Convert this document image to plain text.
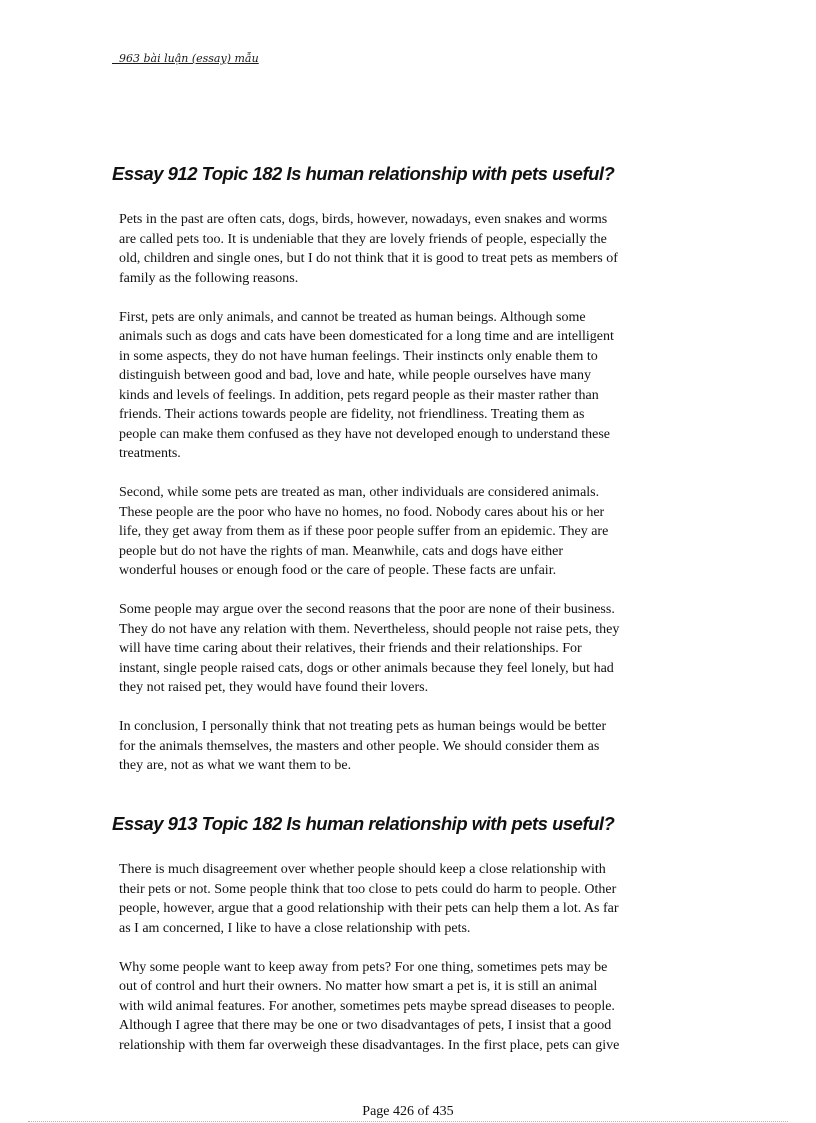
963 bài luận (essay) mẫu
Essay 912 Topic 182 Is human relationship with pets useful?

Pets in the past are often cats, dogs, birds, however, nowadays, even snakes and worms
are called pets too. It is undeniable that they are lovely friends of people, especially the
old, children and single ones, but I do not think that it is good to treat pets as members of
family as the following reasons.

First, pets are only animals, and cannot be treated as human beings. Although some
animals such as dogs and cats have been domesticated for a long time and are intelligent
in some aspects, they do not have human feelings. Their instincts only enable them to
distinguish between good and bad, love and hate, while people ourselves have many
kinds and levels of feelings. In addition, pets regard people as their master rather than
friends. Their actions towards people are fidelity, not friendliness. Treating them as
people can make them confused as they have not developed enough to understand these
treatments.

Second, while some pets are treated as man, other individuals are considered animals.
These people are the poor who have no homes, no food. Nobody cares about his or her
life, they get away from them as if these poor people suffer from an epidemic. They are
people but do not have the rights of man. Meanwhile, cats and dogs have either
wonderful houses or enough food or the care of people. These facts are unfair.

Some people may argue over the second reasons that the poor are none of their business.
They do not have any relation with them. Nevertheless, should people not raise pets, they
will have time caring about their relatives, their friends and their relationships. For
instant, single people raised cats, dogs or other animals because they feel lonely, but had
they not raised pet, they would have found their lovers.

In conclusion, I personally think that not treating pets as human beings would be better
for the animals themselves, the masters and other people. We should consider them as
they are, not as what we want them to be.

Essay 913 Topic 182 Is human relationship with pets useful?

There is much disagreement over whether people should keep a close relationship with
their pets or not. Some people think that too close to pets could do harm to people. Other
people, however, argue that a good relationship with their pets can help them a lot. As far
as I am concerned, I like to have a close relationship with pets.

Why some people want to keep away from pets? For one thing, sometimes pets may be
out of control and hurt their owners. No matter how smart a pet is, it is still an animal
with wild animal features. For another, sometimes pets maybe spread diseases to people.
Although I agree that there may be one or two disadvantages of pets, I insist that a good
relationship with them far overweigh these disadvantages. In the first place, pets can give

Page 426 of 435
